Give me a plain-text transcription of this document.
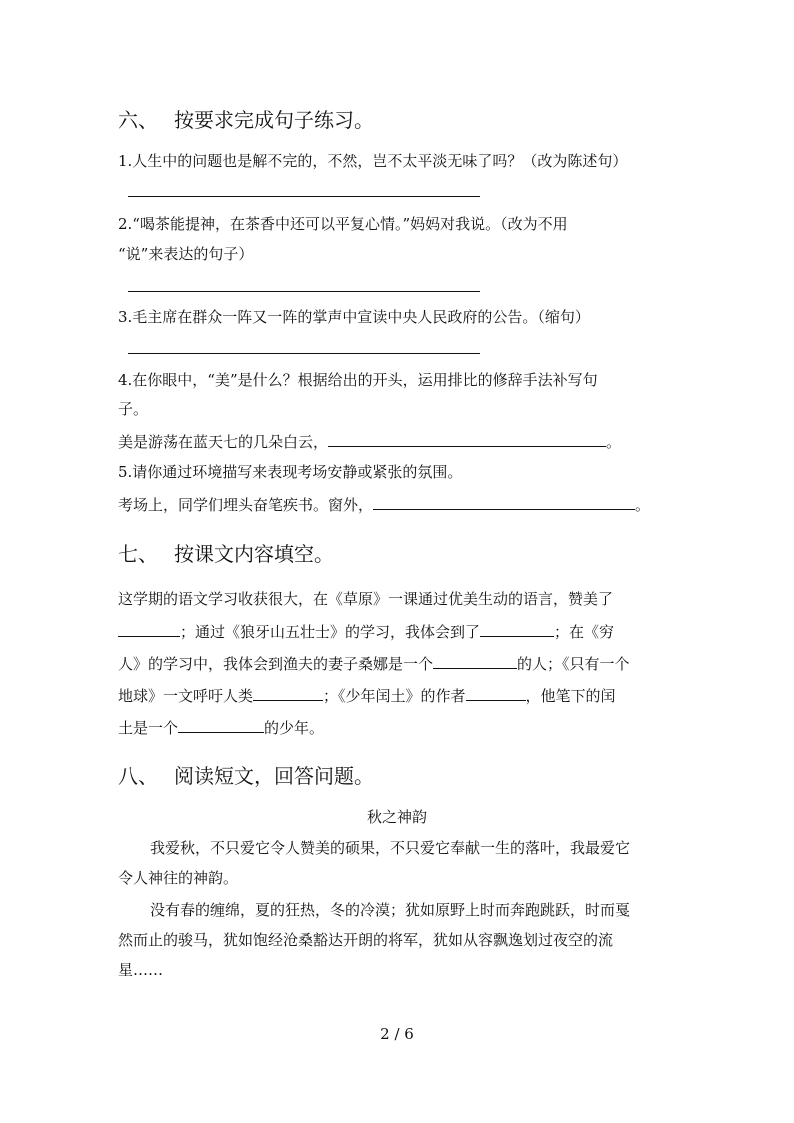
六、 按要求完成句子练习。
1.人生中的问题也是解不完的，不然，岂不太平淡无味了吗？（改为陈述句）
2.“喝茶能提神，在茶香中还可以平复心情。”妈妈对我说。（改为不用
“说”来表达的句子）
3.毛主席在群众一阵又一阵的掌声中宣读中央人民政府的公告。（缩句）
4.在你眼中，“美”是什么？根据给出的开头，运用排比的修辞手法补写句
子。
美是游荡在蓝天七的几朵白云，	。
5.请你通过环境描写来表现考场安静或紧张的氛围。
考场上，同学们埋头奋笔疾书。窗外，	。
七、 按课文内容填空。
这学期的语文学习收获很大，在《草原》一课通过优美生动的语言，赞美了
；通过《狼牙山五壮士》的学习，我体会到了	；在《穷
人》的学习中，我体会到渔夫的妻子桑娜是一个	的人；《只有一个
地球》一文呼吁人类	；《少年闰土》的作者	，他笔下的闰
土是一个	的少年。
八、 阅读短文，回答问题。
秋之神韵
我爱秋，不只爱它令人赞美的硕果，不只爱它奉献一生的落叶，我最爱它
令人神往的神韵。
没有春的缠绵，夏的狂热，冬的冷漠；犹如原野上时而奔跑跳跃，时而戛
然而止的骏马，犹如饱经沧桑豁达开朗的将军，犹如从容飘逸划过夜空的流
星……
2 / 6
